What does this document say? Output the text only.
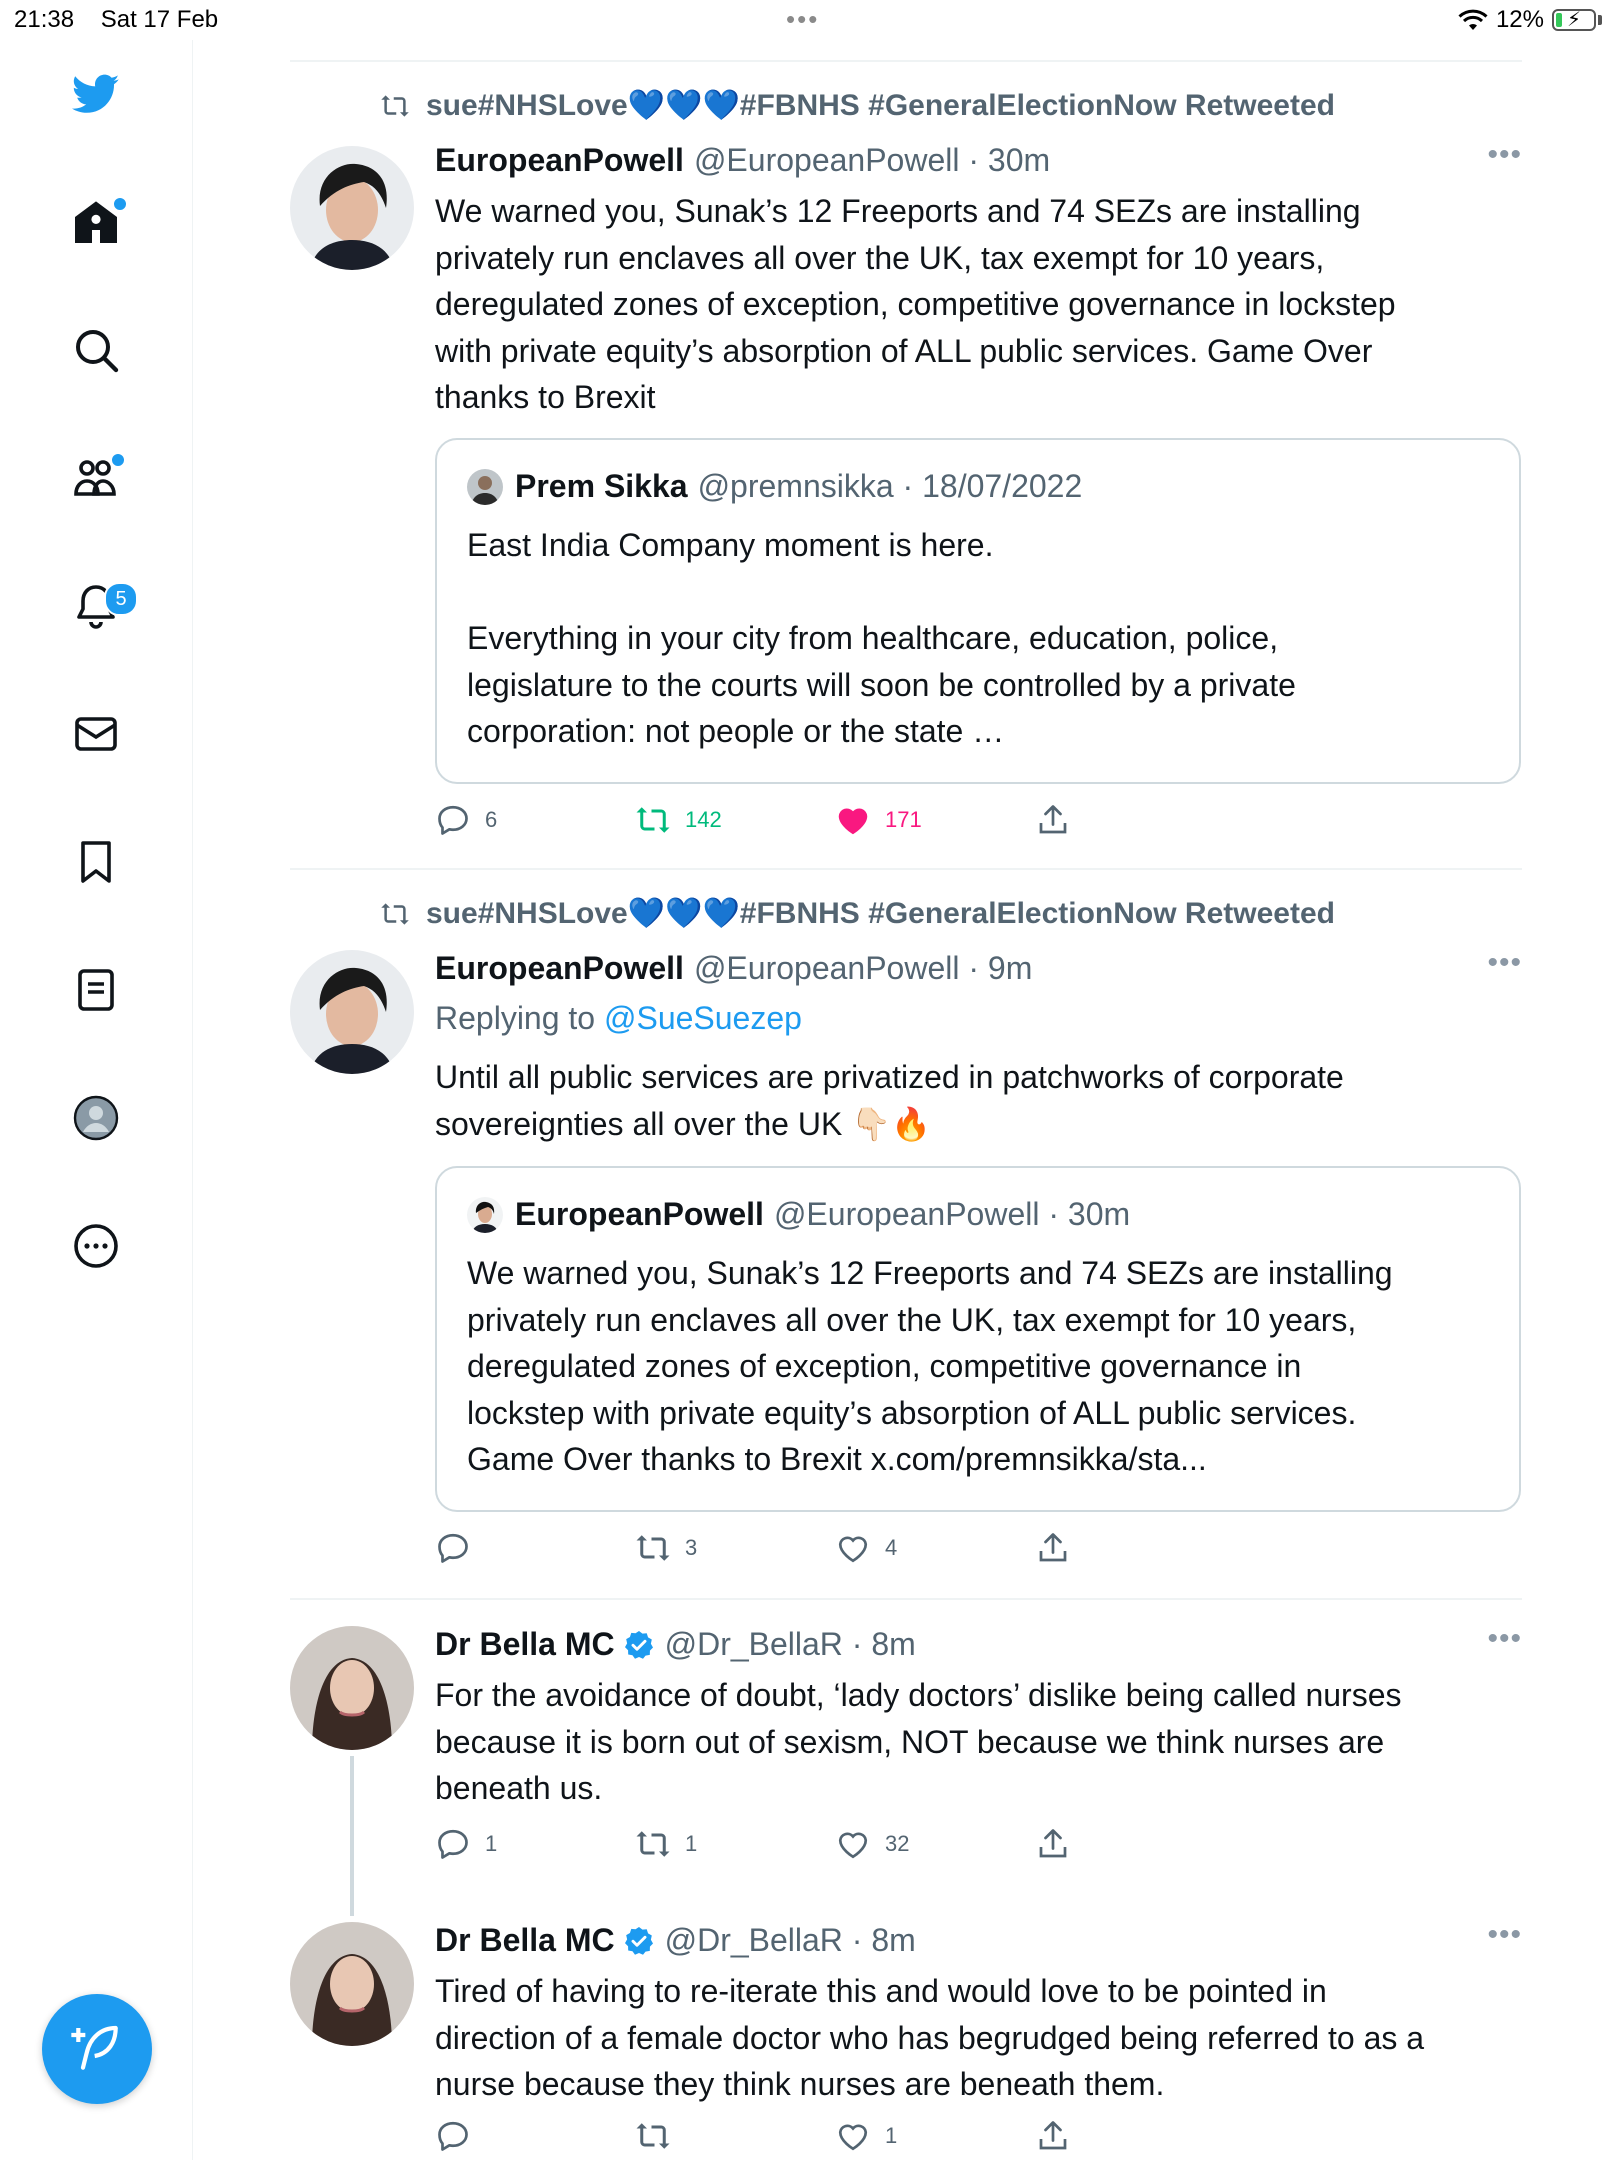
21:38 Sat 17 Feb	•••	12%	⚡
5
sue#NHSLove💙💙💙#FBNHS #GeneralElectionNow Retweeted
EuropeanPowell @EuropeanPowell · 30m	•••
We warned you, Sunak’s 12 Freeports and 74 SEZs are installing
privately run enclaves all over the UK, tax exempt for 10 years,
deregulated zones of exception, competitive governance in lockstep
with private equity’s absorption of ALL public services. Game Over
thanks to Brexit
Prem Sikka @premnsikka · 18/07/2022
East India Company moment is here.
Everything in your city from healthcare, education, police,
legislature to the courts will soon be controlled by a private
corporation: not people or the state …
6	142	171
sue#NHSLove💙💙💙#FBNHS #GeneralElectionNow Retweeted
EuropeanPowell @EuropeanPowell · 9m	•••
Replying to @SueSuezep
Until all public services are privatized in patchworks of corporate
sovereignties all over the UK 👇🏻🔥
EuropeanPowell @EuropeanPowell · 30m
We warned you, Sunak’s 12 Freeports and 74 SEZs are installing
privately run enclaves all over the UK, tax exempt for 10 years,
deregulated zones of exception, competitive governance in
lockstep with private equity’s absorption of ALL public services.
Game Over thanks to Brexit x.com/premnsikka/sta...
3	4
Dr Bella MC @Dr_BellaR · 8m	•••
For the avoidance of doubt, ‘lady doctors’ dislike being called nurses
because it is born out of sexism, NOT because we think nurses are
beneath us.
1	1	32
Dr Bella MC @Dr_BellaR · 8m	•••
Tired of having to re-iterate this and would love to be pointed in
direction of a female doctor who has begrudged being referred to as a
nurse because they think nurses are beneath them.
1
